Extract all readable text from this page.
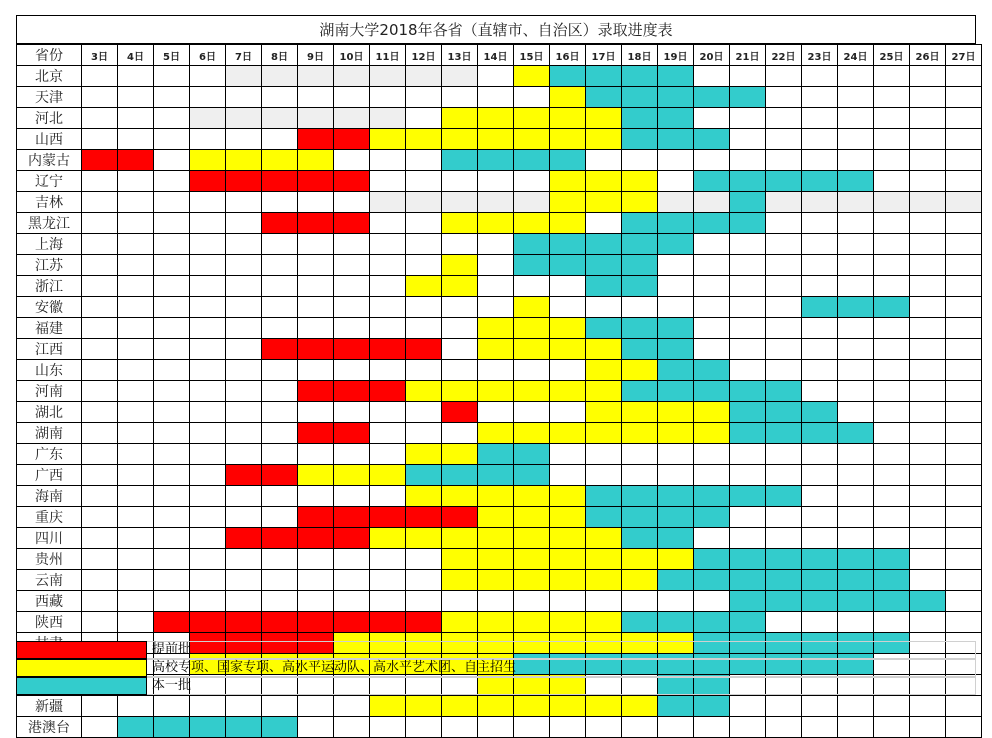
湖南大学2018年各省（直辖市、自治区）录取进度表
省份	3日	4日	5日	6日	7日	8日	9日	10日	11日	12日	13日	14日	15日	16日	17日	18日	19日	20日	21日	22日	23日	24日	25日	26日	27日
北京																									
天津																									
河北																									
山西																									
内蒙古																									
辽宁																									
吉林																									
黑龙江																									
上海																									
江苏																									
浙江																									
安徽																									
福建																									
江西																									
山东																									
河南																									
湖北																									
湖南																									
广东																									
广西																									
海南																									
重庆																									
四川																									
贵州																									
云南																									
西藏																									
陕西																									

新疆																									
港澳台																									
提前批
高校专项、国家专项、高水平运动队、高水平艺术团、自主招生
本一批
